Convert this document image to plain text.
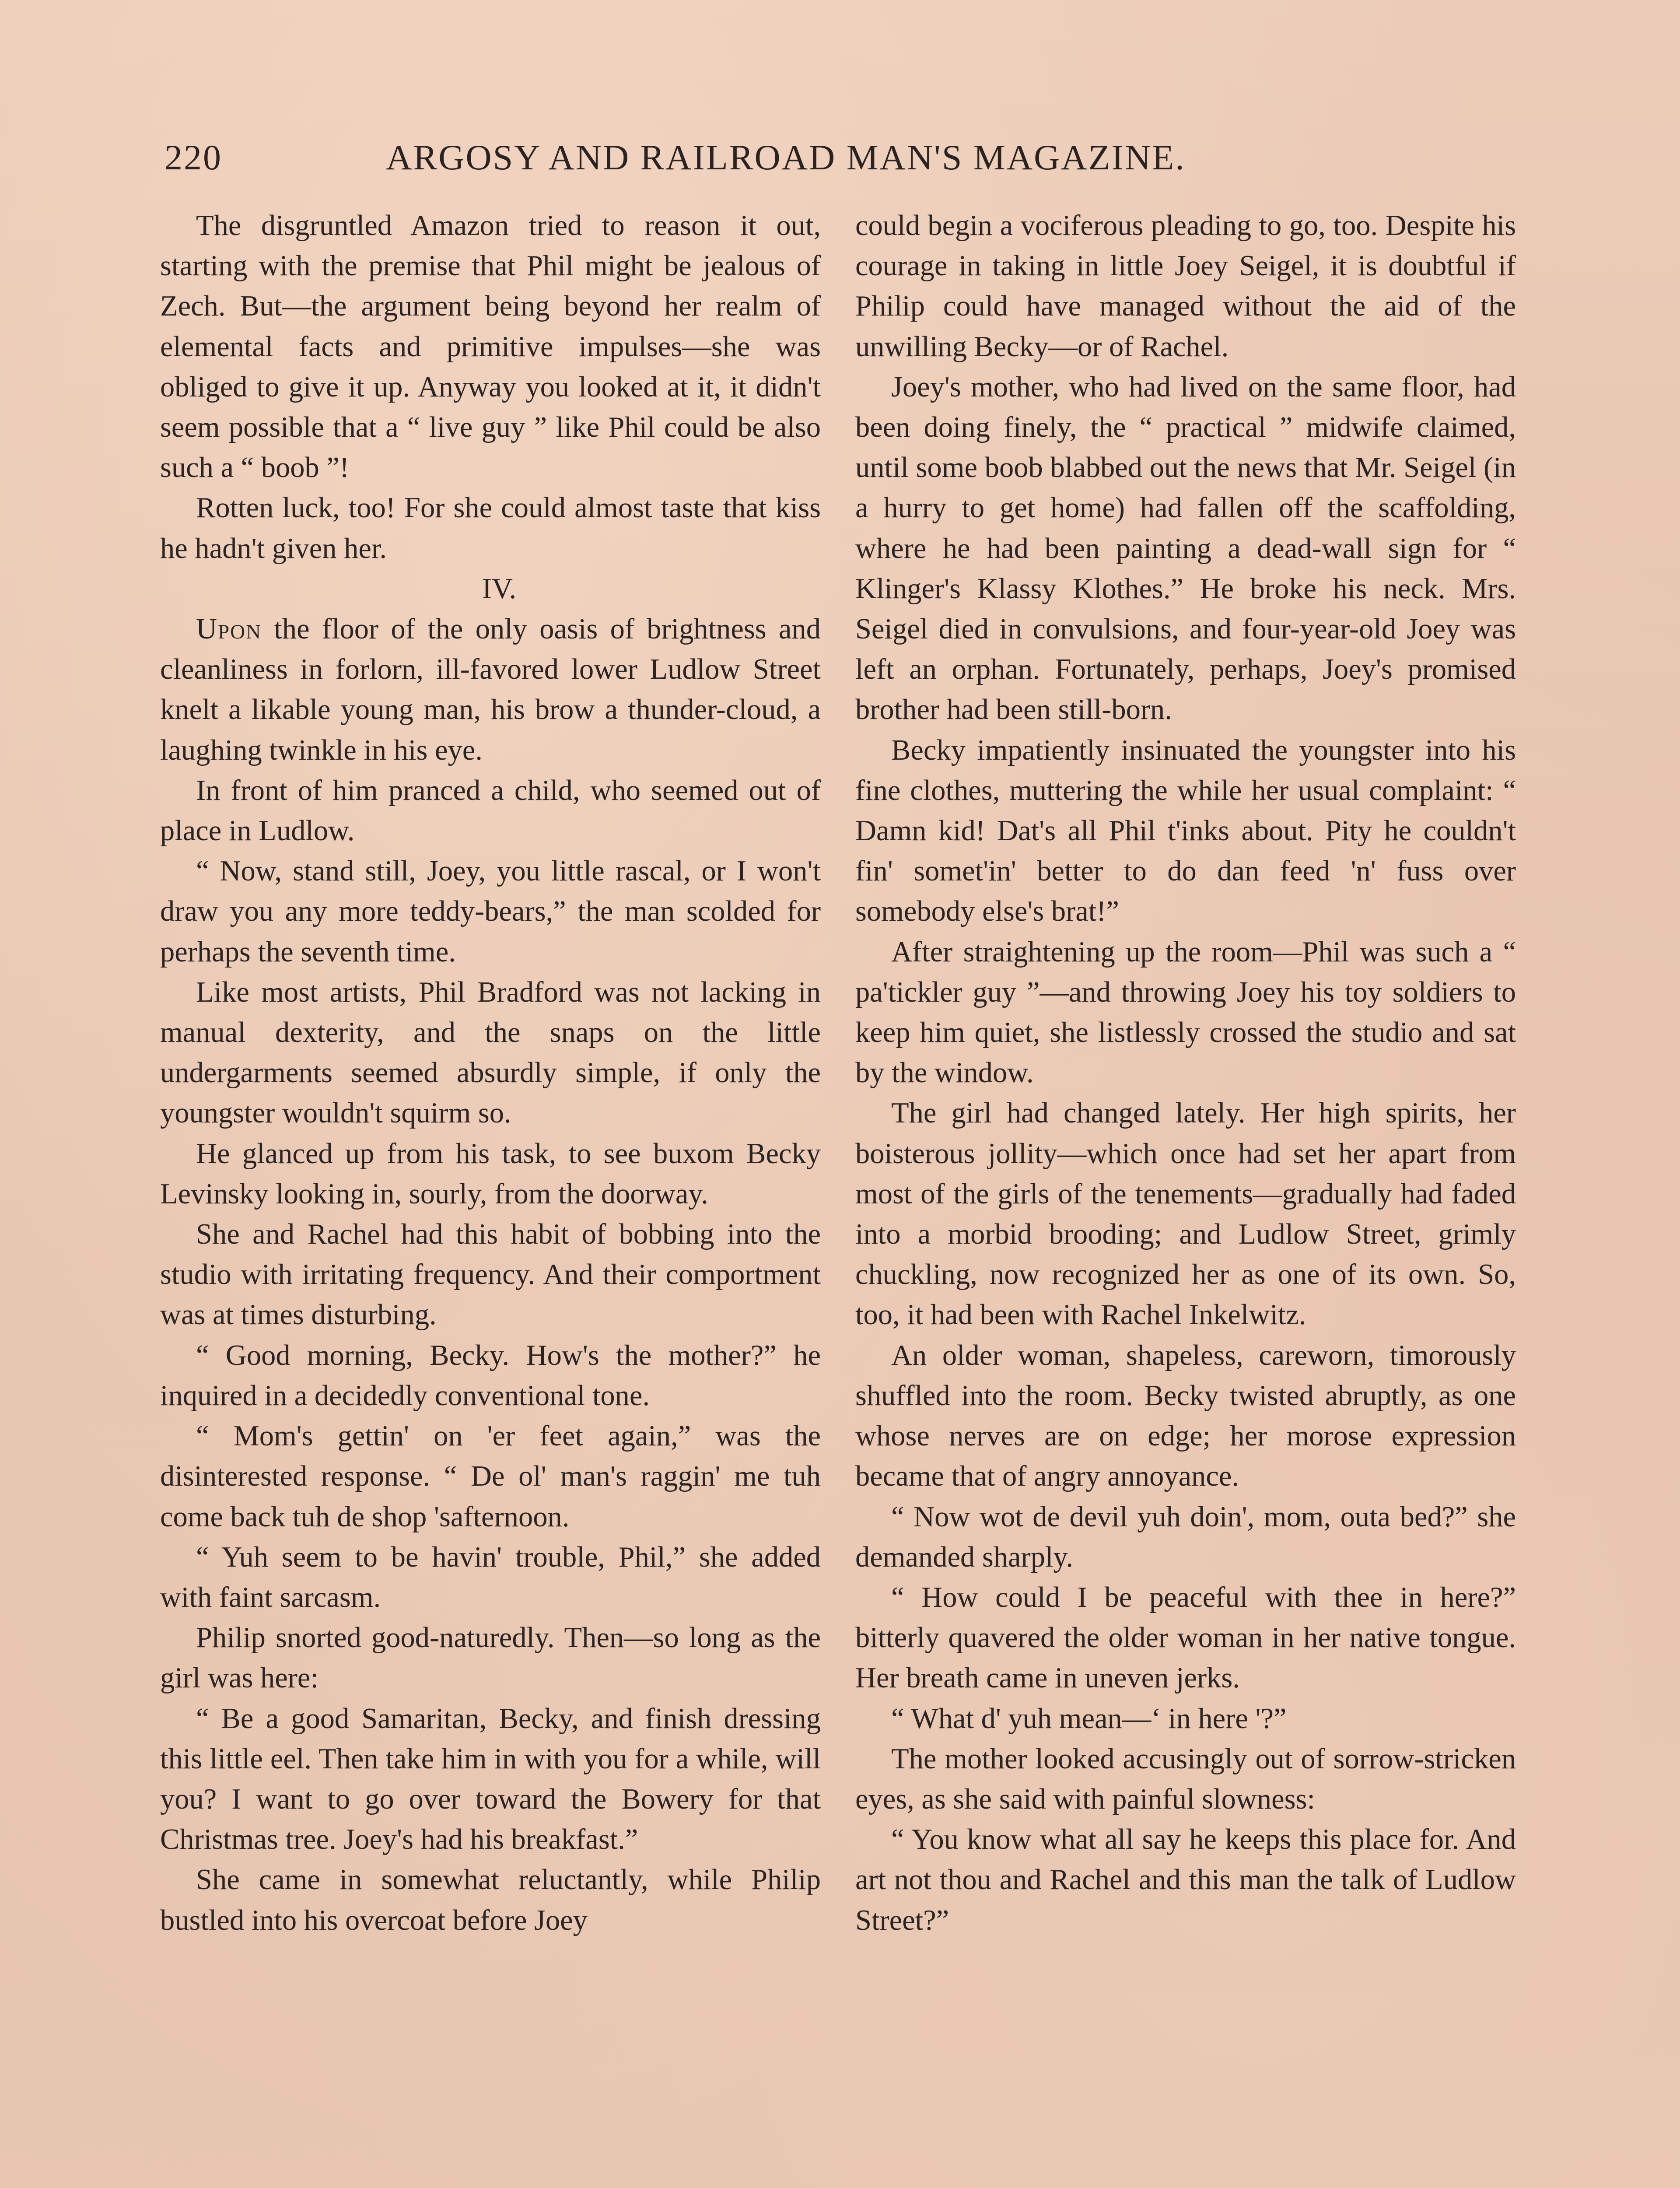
220	ARGOSY AND RAILROAD MAN'S MAGAZINE.

The disgruntled Amazon tried to reason it out, starting with the premise that Phil might be jealous of Zech. But—the argument being beyond her realm of elemental facts and primitive impulses—she was obliged to give it up. Anyway you looked at it, it didn't seem possible that a “ live guy ” like Phil could be also such a “ boob ”!

Rotten luck, too! For she could almost taste that kiss he hadn't given her.

IV.

Upon the floor of the only oasis of brightness and cleanliness in forlorn, ill-favored lower Ludlow Street knelt a likable young man, his brow a thunder-cloud, a laughing twinkle in his eye.

In front of him pranced a child, who seemed out of place in Ludlow.

“ Now, stand still, Joey, you little rascal, or I won't draw you any more teddy-bears,” the man scolded for perhaps the seventh time.

Like most artists, Phil Bradford was not lacking in manual dexterity, and the snaps on the little undergarments seemed absurdly simple, if only the youngster wouldn't squirm so.

He glanced up from his task, to see buxom Becky Levinsky looking in, sourly, from the doorway.

She and Rachel had this habit of bobbing into the studio with irritating frequency. And their comportment was at times disturbing.

“ Good morning, Becky. How's the mother?” he inquired in a decidedly conventional tone.

“ Mom's gettin' on 'er feet again,” was the disinterested response. “ De ol' man's raggin' me tuh come back tuh de shop 'safternoon.

“ Yuh seem to be havin' trouble, Phil,” she added with faint sarcasm.

Philip snorted good-naturedly. Then—so long as the girl was here:

“ Be a good Samaritan, Becky, and finish dressing this little eel. Then take him in with you for a while, will you? I want to go over toward the Bowery for that Christmas tree. Joey's had his breakfast.”

She came in somewhat reluctantly, while Philip bustled into his overcoat before Joey

could begin a vociferous pleading to go, too. Despite his courage in taking in little Joey Seigel, it is doubtful if Philip could have managed without the aid of the unwilling Becky—or of Rachel.

Joey's mother, who had lived on the same floor, had been doing finely, the “ practical ” midwife claimed, until some boob blabbed out the news that Mr. Seigel (in a hurry to get home) had fallen off the scaffolding, where he had been painting a dead-wall sign for “ Klinger's Klassy Klothes.” He broke his neck. Mrs. Seigel died in convulsions, and four-year-old Joey was left an orphan. Fortunately, perhaps, Joey's promised brother had been still-born.

Becky impatiently insinuated the youngster into his fine clothes, muttering the while her usual complaint: “ Damn kid! Dat's all Phil t'inks about. Pity he couldn't fin' somet'in' better to do dan feed 'n' fuss over somebody else's brat!”

After straightening up the room—Phil was such a “ pa'tickler guy ”—and throwing Joey his toy soldiers to keep him quiet, she listlessly crossed the studio and sat by the window.

The girl had changed lately. Her high spirits, her boisterous jollity—which once had set her apart from most of the girls of the tenements—gradually had faded into a morbid brooding; and Ludlow Street, grimly chuckling, now recognized her as one of its own. So, too, it had been with Rachel Inkelwitz.

An older woman, shapeless, careworn, timorously shuffled into the room. Becky twisted abruptly, as one whose nerves are on edge; her morose expression became that of angry annoyance.

“ Now wot de devil yuh doin', mom, outa bed?” she demanded sharply.

“ How could I be peaceful with thee in here?” bitterly quavered the older woman in her native tongue. Her breath came in uneven jerks.

“ What d' yuh mean—‘ in here '?”

The mother looked accusingly out of sorrow-stricken eyes, as she said with painful slowness:

“ You know what all say he keeps this place for. And art not thou and Rachel and this man the talk of Ludlow Street?”
